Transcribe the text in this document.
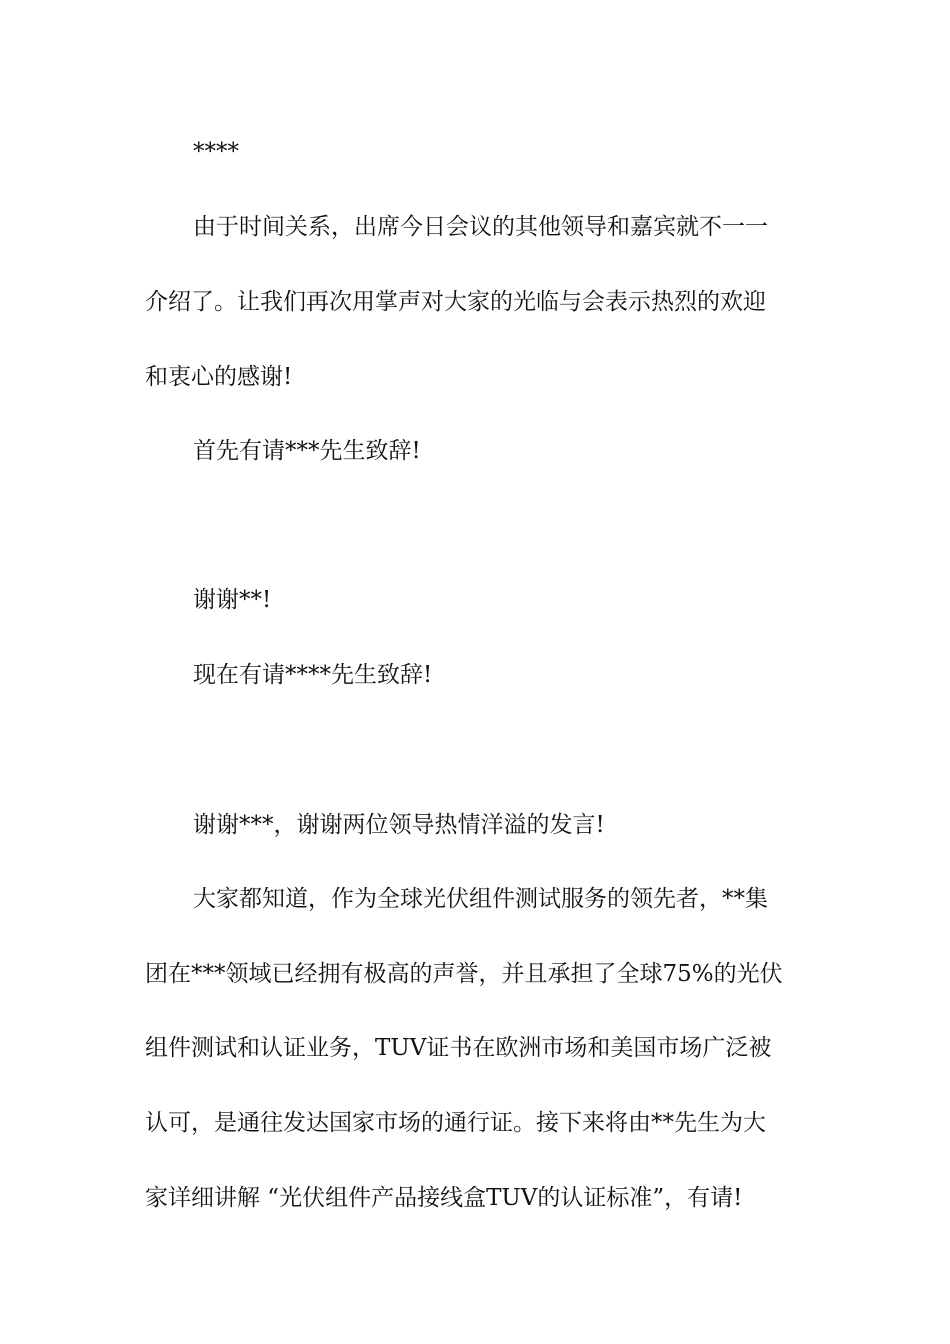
****
由于时间关系，出席今日会议的其他领导和嘉宾就不一一
介绍了。让我们再次用掌声对大家的光临与会表示热烈的欢迎
和衷心的感谢!
首先有请***先生致辞!
谢谢**!
现在有请****先生致辞!
谢谢***，谢谢两位领导热情洋溢的发言!
大家都知道，作为全球光伏组件测试服务的领先者，**集
团在***领域已经拥有极高的声誉，并且承担了全球75%的光伏
组件测试和认证业务，TUV证书在欧洲市场和美国市场广泛被
认可，是通往发达国家市场的通行证。接下来将由**先生为大
家详细讲解 “光伏组件产品接线盒TUV的认证标准”，有请!
